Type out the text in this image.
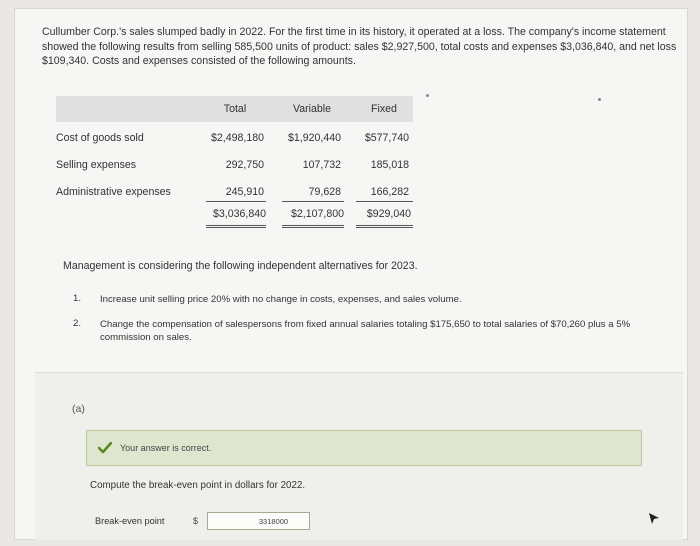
Cullumber Corp.'s sales slumped badly in 2022. For the first time in its history, it operated at a loss. The company's income statement showed the following results from selling 585,500 units of product: sales $2,927,500, total costs and expenses $3,036,840, and net loss $109,340. Costs and expenses consisted of the following amounts.

Total	Variable	Fixed
Cost of goods sold	$2,498,180	$1,920,440	$577,740
Selling expenses	292,750	107,732	185,018
Administrative expenses	245,910	79,628	166,282
$3,036,840	$2,107,800	$929,040

Management is considering the following independent alternatives for 2023.

1. Increase unit selling price 20% with no change in costs, expenses, and sales volume.

2. Change the compensation of salespersons from fixed annual salaries totaling $175,650 to total salaries of $70,260 plus a 5% commission on sales.

(a)
Your answer is correct.

Compute the break-even point in dollars for 2022.

Break-even point	$
3318000
